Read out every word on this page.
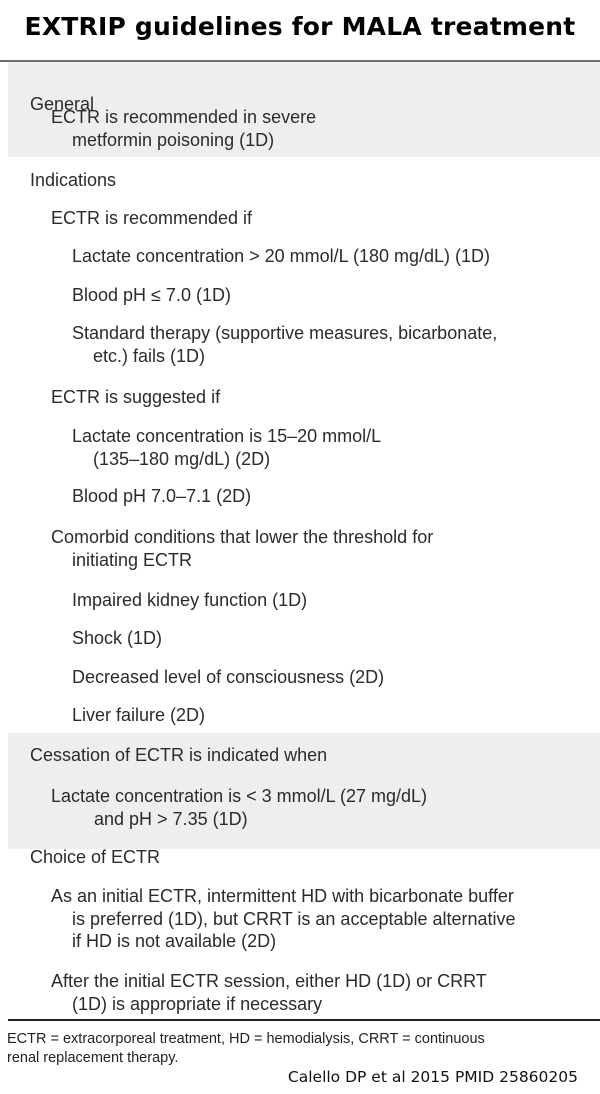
EXTRIP guidelines for MALA treatment
General
ECTR is recommended in severe
metformin poisoning (1D)
Indications
ECTR is recommended if
Lactate concentration > 20 mmol/L (180 mg/dL) (1D)
Blood pH ≤ 7.0 (1D)
Standard therapy (supportive measures, bicarbonate,
etc.) fails (1D)
ECTR is suggested if
Lactate concentration is 15–20 mmol/L
(135–180 mg/dL) (2D)
Blood pH 7.0–7.1 (2D)
Comorbid conditions that lower the threshold for
initiating ECTR
Impaired kidney function (1D)
Shock (1D)
Decreased level of consciousness (2D)
Liver failure (2D)
Cessation of ECTR is indicated when
Lactate concentration is < 3 mmol/L (27 mg/dL)
and pH > 7.35 (1D)
Choice of ECTR
As an initial ECTR, intermittent HD with bicarbonate buffer
is preferred (1D), but CRRT is an acceptable alternative
if HD is not available (2D)
After the initial ECTR session, either HD (1D) or CRRT
(1D) is appropriate if necessary
ECTR = extracorporeal treatment, HD = hemodialysis, CRRT = continuous
renal replacement therapy.
Calello DP et al 2015 PMID 25860205
